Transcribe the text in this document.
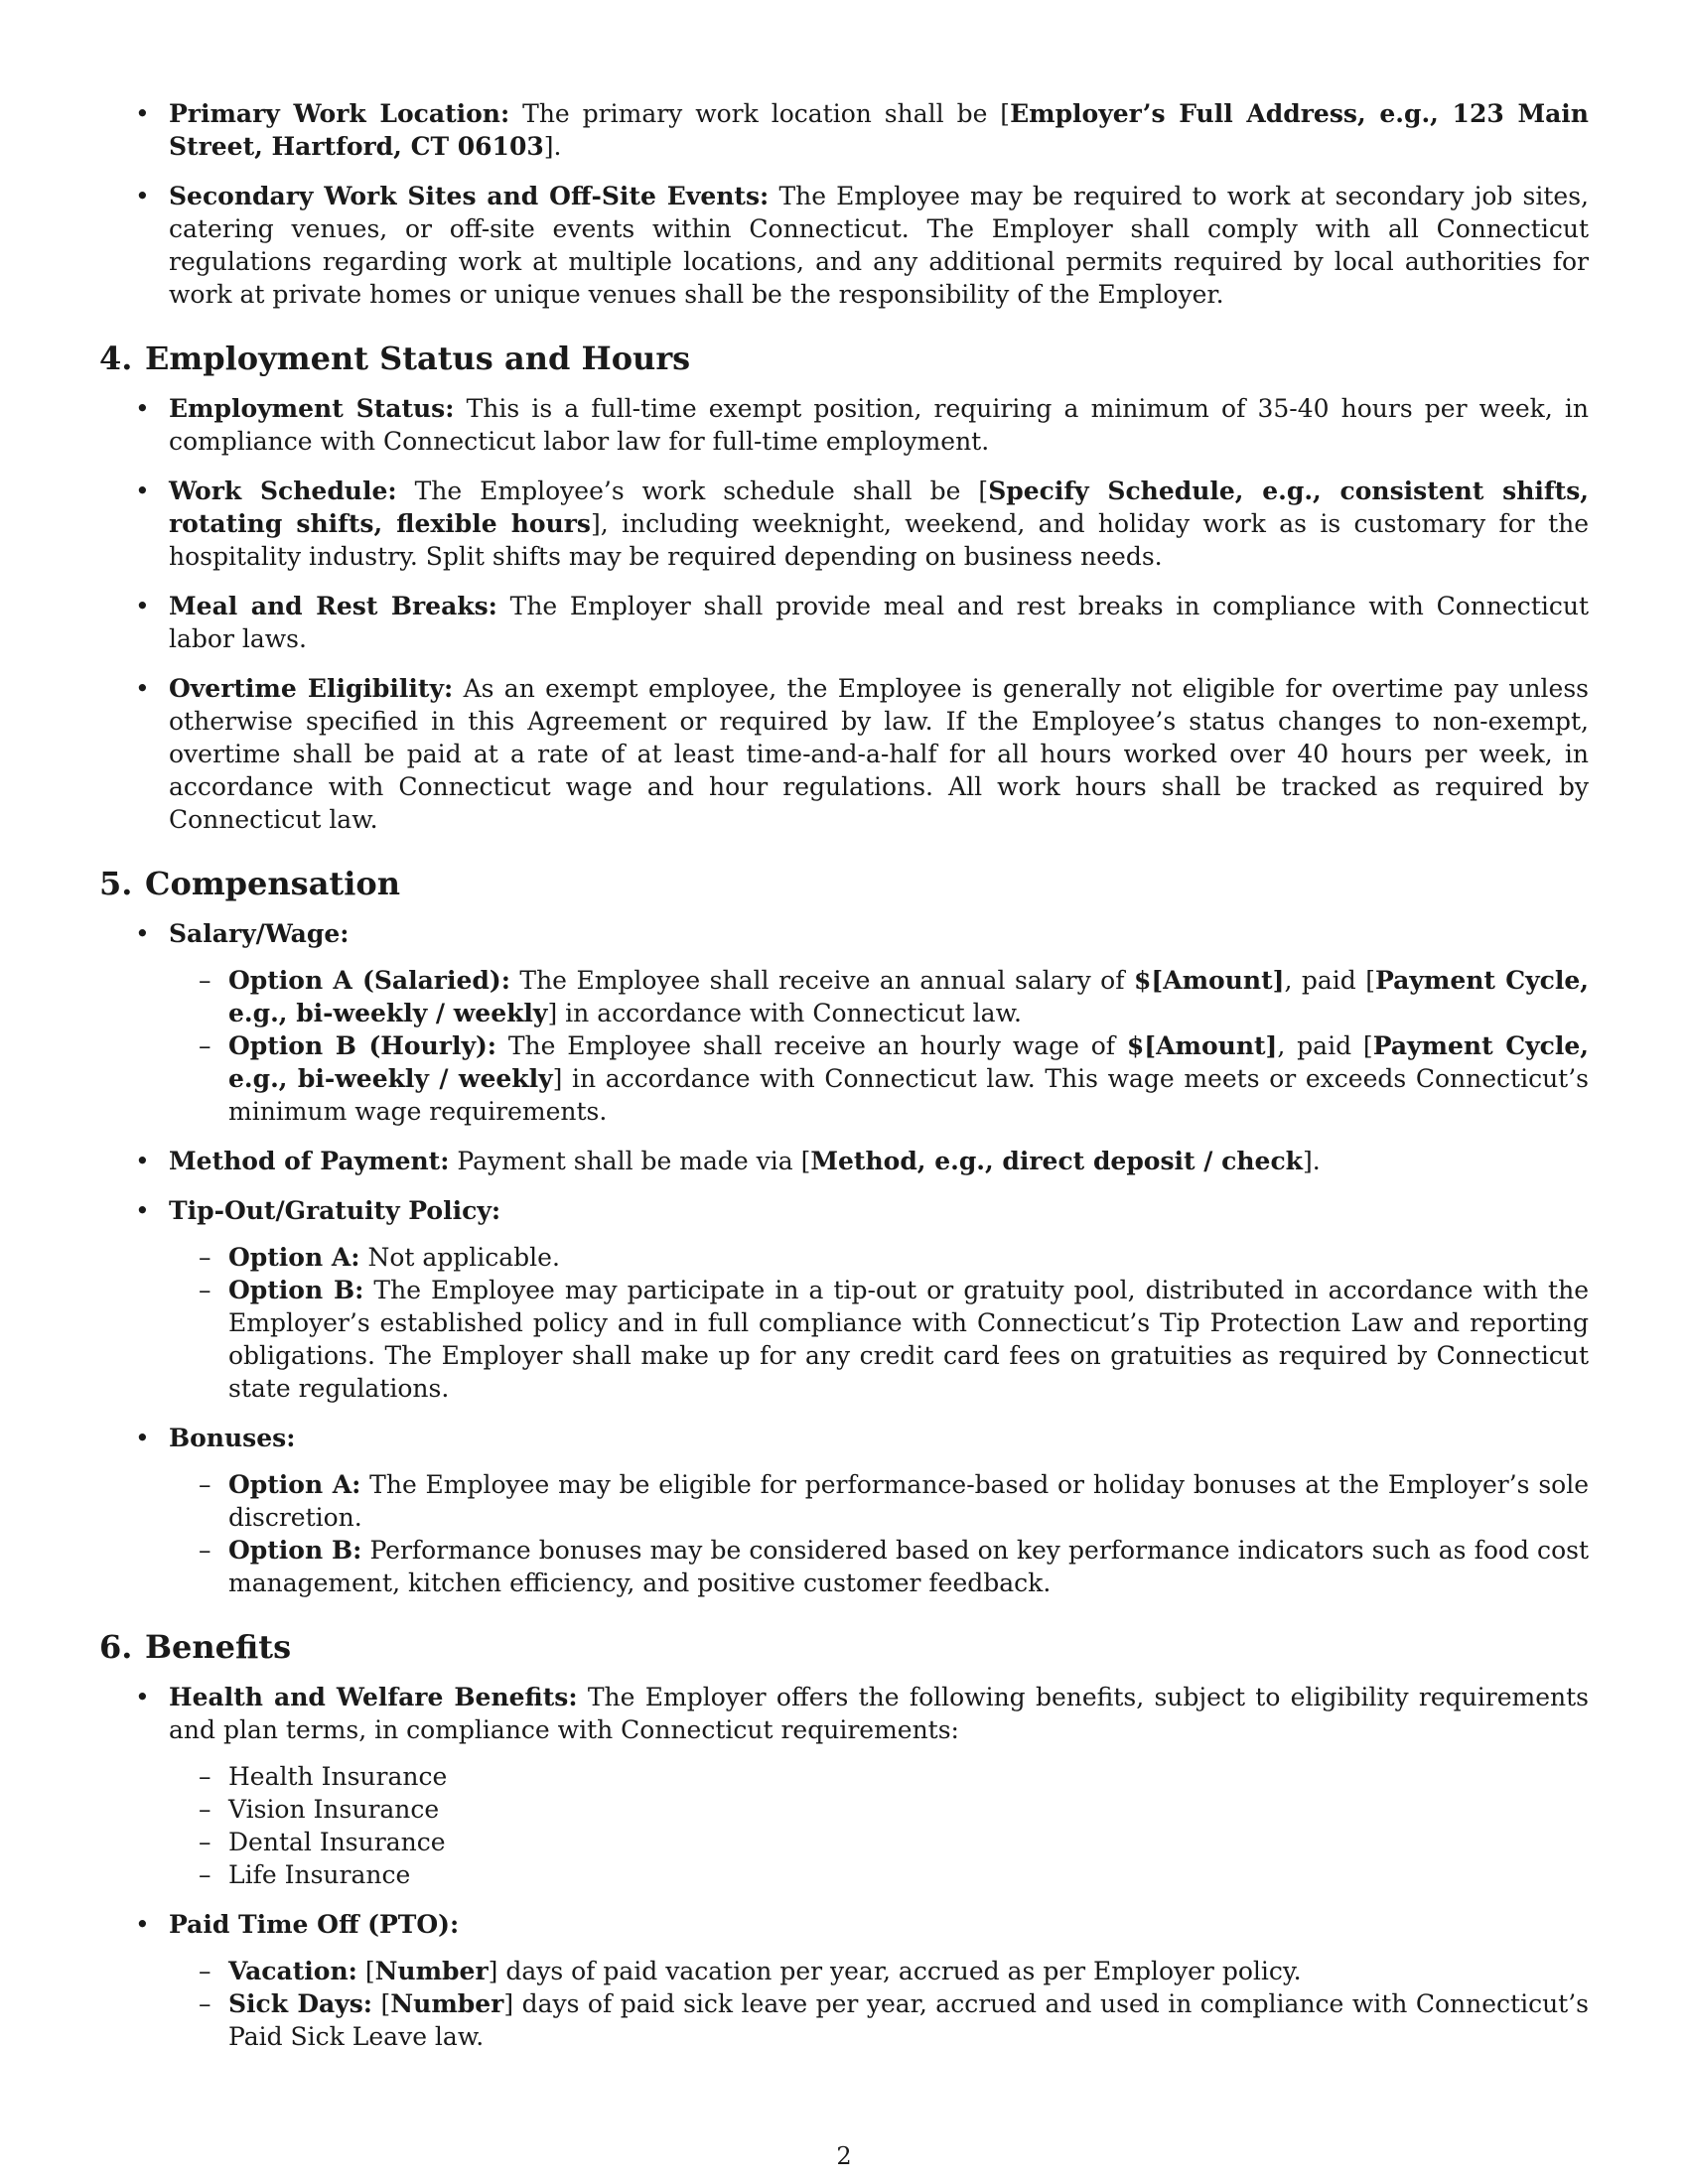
• Primary Work Location: The primary work location shall be [Employer’s Full Address, e.g., 123 Main Street, Hartford, CT 06103].
• Secondary Work Sites and Off-Site Events: The Employee may be required to work at secondary job sites, catering venues, or off-site events within Connecticut. The Employer shall comply with all Connecticut regulations regarding work at multiple locations, and any additional permits required by local authorities for work at private homes or unique venues shall be the responsibility of the Employer.
4. Employment Status and Hours
• Employment Status: This is a full-time exempt position, requiring a minimum of 35-40 hours per week, in compliance with Connecticut labor law for full-time employment.
• Work Schedule: The Employee’s work schedule shall be [Specify Schedule, e.g., consistent shifts, rotating shifts, flexible hours], including weeknight, weekend, and holiday work as is customary for the hospitality industry. Split shifts may be required depending on business needs.
• Meal and Rest Breaks: The Employer shall provide meal and rest breaks in compliance with Connecticut labor laws.
• Overtime Eligibility: As an exempt employee, the Employee is generally not eligible for overtime pay unless otherwise specified in this Agreement or required by law. If the Employee’s status changes to non-exempt, overtime shall be paid at a rate of at least time-and-a-half for all hours worked over 40 hours per week, in accordance with Connecticut wage and hour regulations. All work hours shall be tracked as required by Connecticut law.
5. Compensation
• Salary/Wage:
– Option A (Salaried): The Employee shall receive an annual salary of $[Amount], paid [Payment Cycle, e.g., bi-weekly / weekly] in accordance with Connecticut law.
– Option B (Hourly): The Employee shall receive an hourly wage of $[Amount], paid [Payment Cycle, e.g., bi-weekly / weekly] in accordance with Connecticut law. This wage meets or exceeds Connecticut’s minimum wage requirements.
• Method of Payment: Payment shall be made via [Method, e.g., direct deposit / check].
• Tip-Out/Gratuity Policy:
– Option A: Not applicable.
– Option B: The Employee may participate in a tip-out or gratuity pool, distributed in accordance with the Employer’s established policy and in full compliance with Connecticut’s Tip Protection Law and reporting obligations. The Employer shall make up for any credit card fees on gratuities as required by Connecticut state regulations.
• Bonuses:
– Option A: The Employee may be eligible for performance-based or holiday bonuses at the Employer’s sole discretion.
– Option B: Performance bonuses may be considered based on key performance indicators such as food cost management, kitchen efficiency, and positive customer feedback.
6. Benefits
• Health and Welfare Benefits: The Employer offers the following benefits, subject to eligibility requirements and plan terms, in compliance with Connecticut requirements:
– Health Insurance
– Vision Insurance
– Dental Insurance
– Life Insurance
• Paid Time Off (PTO):
– Vacation: [Number] days of paid vacation per year, accrued as per Employer policy.
– Sick Days: [Number] days of paid sick leave per year, accrued and used in compliance with Connecticut’s Paid Sick Leave law.
2
